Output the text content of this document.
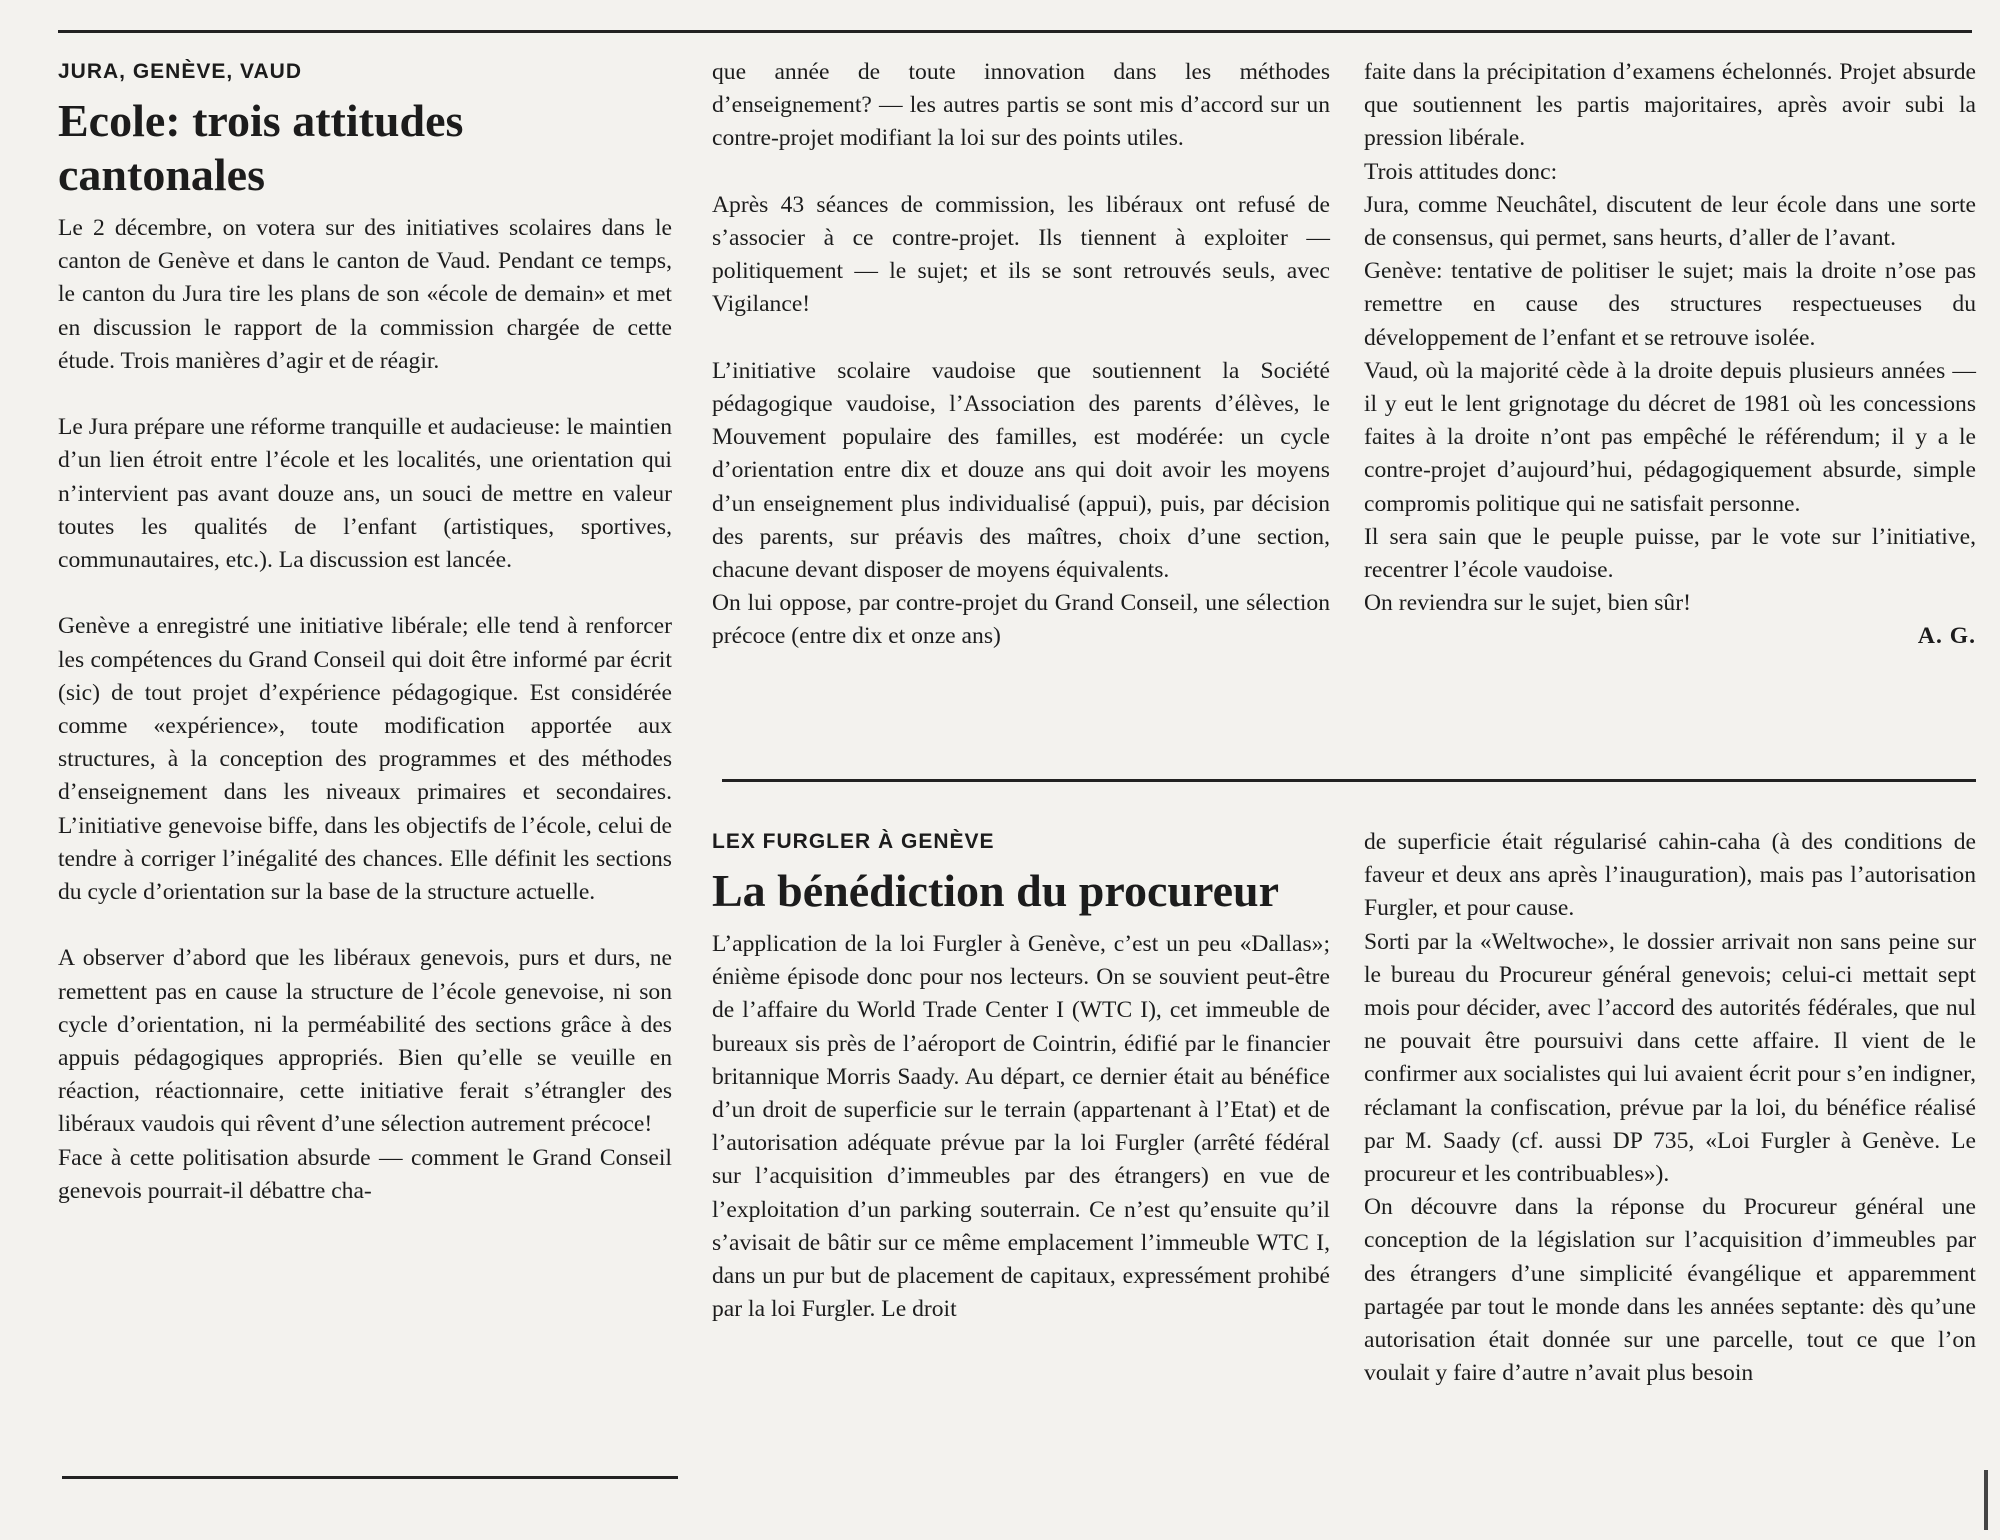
JURA, GENÈVE, VAUD
Ecole: trois attitudes cantonales

Le 2 décembre, on votera sur des initiatives scolaires dans le canton de Genève et dans le canton de Vaud. Pendant ce temps, le canton du Jura tire les plans de son «école de demain» et met en discussion le rapport de la commission chargée de cette étude. Trois manières d’agir et de réagir.

Le Jura prépare une réforme tranquille et audacieuse: le maintien d’un lien étroit entre l’école et les localités, une orientation qui n’intervient pas avant douze ans, un souci de mettre en valeur toutes les qualités de l’enfant (artistiques, sportives, communautaires, etc.). La discussion est lancée.

Genève a enregistré une initiative libérale; elle tend à renforcer les compétences du Grand Conseil qui doit être informé par écrit (sic) de tout projet d’expérience pédagogique. Est considérée comme «expérience», toute modification apportée aux structures, à la conception des programmes et des méthodes d’enseignement dans les niveaux primaires et secondaires. L’initiative genevoise biffe, dans les objectifs de l’école, celui de tendre à corriger l’inégalité des chances. Elle définit les sections du cycle d’orientation sur la base de la structure actuelle.

A observer d’abord que les libéraux genevois, purs et durs, ne remettent pas en cause la structure de l’école genevoise, ni son cycle d’orientation, ni la perméabilité des sections grâce à des appuis pédagogiques appropriés. Bien qu’elle se veuille en réaction, réactionnaire, cette initiative ferait s’étrangler des libéraux vaudois qui rêvent d’une sélection autrement précoce!

Face à cette politisation absurde — comment le Grand Conseil genevois pourrait-il débattre cha-

que année de toute innovation dans les méthodes d’enseignement? — les autres partis se sont mis d’accord sur un contre-projet modifiant la loi sur des points utiles.

Après 43 séances de commission, les libéraux ont refusé de s’associer à ce contre-projet. Ils tiennent à exploiter — politiquement — le sujet; et ils se sont retrouvés seuls, avec Vigilance!

L’initiative scolaire vaudoise que soutiennent la Société pédagogique vaudoise, l’Association des parents d’élèves, le Mouvement populaire des familles, est modérée: un cycle d’orientation entre dix et douze ans qui doit avoir les moyens d’un enseignement plus individualisé (appui), puis, par décision des parents, sur préavis des maîtres, choix d’une section, chacune devant disposer de moyens équivalents.

On lui oppose, par contre-projet du Grand Conseil, une sélection précoce (entre dix et onze ans)

faite dans la précipitation d’examens échelonnés. Projet absurde que soutiennent les partis majoritaires, après avoir subi la pression libérale.

Trois attitudes donc:

Jura, comme Neuchâtel, discutent de leur école dans une sorte de consensus, qui permet, sans heurts, d’aller de l’avant.

Genève: tentative de politiser le sujet; mais la droite n’ose pas remettre en cause des structures respectueuses du développement de l’enfant et se retrouve isolée.

Vaud, où la majorité cède à la droite depuis plusieurs années — il y eut le lent grignotage du décret de 1981 où les concessions faites à la droite n’ont pas empêché le référendum; il y a le contre-projet d’aujourd’hui, pédagogiquement absurde, simple compromis politique qui ne satisfait personne.

Il sera sain que le peuple puisse, par le vote sur l’initiative, recentrer l’école vaudoise.

On reviendra sur le sujet, bien sûr!

A. G.

LEX FURGLER À GENÈVE
La bénédiction du procureur

L’application de la loi Furgler à Genève, c’est un peu «Dallas»; énième épisode donc pour nos lecteurs. On se souvient peut-être de l’affaire du World Trade Center I (WTC I), cet immeuble de bureaux sis près de l’aéroport de Cointrin, édifié par le financier britannique Morris Saady. Au départ, ce dernier était au bénéfice d’un droit de superficie sur le terrain (appartenant à l’Etat) et de l’autorisation adéquate prévue par la loi Furgler (arrêté fédéral sur l’acquisition d’immeubles par des étrangers) en vue de l’exploitation d’un parking souterrain. Ce n’est qu’ensuite qu’il s’avisait de bâtir sur ce même emplacement l’immeuble WTC I, dans un pur but de placement de capitaux, expressément prohibé par la loi Furgler. Le droit

de superficie était régularisé cahin-caha (à des conditions de faveur et deux ans après l’inauguration), mais pas l’autorisation Furgler, et pour cause.

Sorti par la «Weltwoche», le dossier arrivait non sans peine sur le bureau du Procureur général genevois; celui-ci mettait sept mois pour décider, avec l’accord des autorités fédérales, que nul ne pouvait être poursuivi dans cette affaire. Il vient de le confirmer aux socialistes qui lui avaient écrit pour s’en indigner, réclamant la confiscation, prévue par la loi, du bénéfice réalisé par M. Saady (cf. aussi DP 735, «Loi Furgler à Genève. Le procureur et les contribuables»).

On découvre dans la réponse du Procureur général une conception de la législation sur l’acquisition d’immeubles par des étrangers d’une simplicité évangélique et apparemment partagée par tout le monde dans les années septante: dès qu’une autorisation était donnée sur une parcelle, tout ce que l’on voulait y faire d’autre n’avait plus besoin
